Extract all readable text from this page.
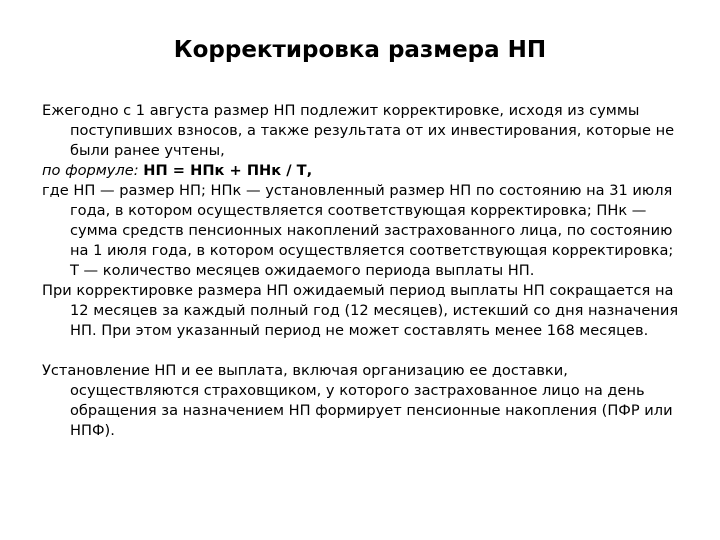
Корректировка размера НП

Ежегодно с 1 августа размер НП подлежит корректировке, исходя из суммы поступивших взносов, а также результата от их инвестирования, которые не были ранее учтены,

по формуле: НП = НПк + ПНк / Т,

где НП — размер НП; НПк — установленный размер НП по состоянию на 31 июля года, в котором осуществляется соответствующая корректировка; ПНк — сумма средств пенсионных накоплений застрахованного лица, по состоянию на 1 июля года, в котором осуществляется соответствующая корректировка; Т — количество месяцев ожидаемого периода выплаты НП.

При корректировке размера НП ожидаемый период выплаты НП сокращается на 12 месяцев за каждый полный год (12 месяцев), истекший со дня назначения НП. При этом указанный период не может составлять менее 168 месяцев.

Установление НП и ее выплата, включая организацию ее доставки, осуществляются страховщиком, у которого застрахованное лицо на день обращения за назначением НП формирует пенсионные накопления (ПФР или НПФ).
